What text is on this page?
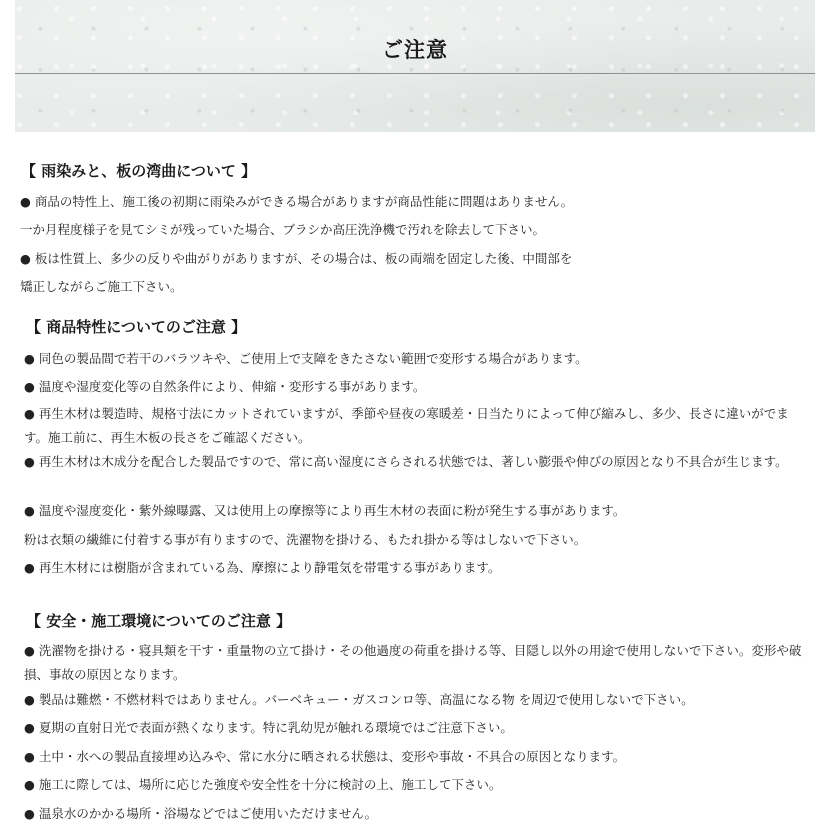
ご注意
【 雨染みと、板の湾曲について 】
● 商品の特性上、施工後の初期に雨染みができる場合がありますが商品性能に問題はありません。
一か月程度様子を見てシミが残っていた場合、ブラシか高圧洗浄機で汚れを除去して下さい。
● 板は性質上、多少の反りや曲がりがありますが、その場合は、板の両端を固定した後、中間部を
矯正しながらご施工下さい。
【 商品特性についてのご注意 】
● 同色の製品間で若干のバラツキや、ご使用上で支障をきたさない範囲で変形する場合があります。
● 温度や湿度変化等の自然条件により、伸縮・変形する事があります。
● 再生木材は製造時、規格寸法にカットされていますが、季節や昼夜の寒暖差・日当たりによって伸び縮みし、多少、長さに違いがでます。施工前に、再生木板の長さをご確認ください。
● 再生木材は木成分を配合した製品ですので、常に高い湿度にさらされる状態では、著しい膨張や伸びの原因となり不具合が生じます。
● 温度や湿度変化・紫外線曝露、又は使用上の摩擦等により再生木材の表面に粉が発生する事があります。
粉は衣類の繊維に付着する事が有りますので、洗濯物を掛ける、もたれ掛かる等はしないで下さい。
● 再生木材には樹脂が含まれている為、摩擦により静電気を帯電する事があります。
【 安全・施工環境についてのご注意 】
● 洗濯物を掛ける・寝具類を干す・重量物の立て掛け・その他過度の荷重を掛ける等、目隠し以外の用途で使用しないで下さい。変形や破損、事故の原因となります。
● 製品は難燃・不燃材料ではありません。バーベキュー・ガスコンロ等、高温になる物 を周辺で使用しないで下さい。
● 夏期の直射日光で表面が熱くなります。特に乳幼児が触れる環境ではご注意下さい。
● 土中・水への製品直接埋め込みや、常に水分に晒される状態は、変形や事故・不具合の原因となります。
● 施工に際しては、場所に応じた強度や安全性を十分に検討の上、施工して下さい。
● 温泉水のかかる場所・浴場などではご使用いただけません。
